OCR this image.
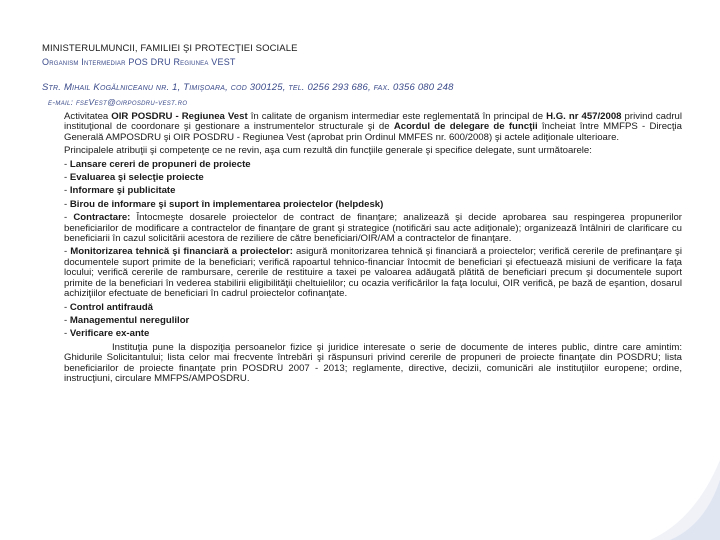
MINISTERULMUNCII, FAMILIEI ŞI PROTECŢIEI SOCIALE
Organism Intermediar POS DRU Regiunea VEST
Str. Mihail Kogălniceanu nr. 1, Timişoara, cod 300125, tel. 0256 293 686, fax. 0356 080 248
e-mail: fseVest@oirposdru-vest.ro
Activitatea OIR POSDRU - Regiunea Vest în calitate de organism intermediar este reglementată în principal de H.G. nr 457/2008 privind cadrul instituţional de coordonare şi gestionare a instrumentelor structurale şi de Acordul de delegare de funcţii încheiat între MMFPS - Direcţia Generală AMPOSDRU şi OIR POSDRU - Regiunea Vest (aprobat prin Ordinul MMFES nr. 600/2008) şi actele adiţionale ulterioare.
Principalele atribuţii şi competenţe ce ne revin, aşa cum rezultă din funcţiile generale şi specifice delegate, sunt următoarele:
- Lansare cereri de propuneri de proiecte
- Evaluarea şi selecţie proiecte
- Informare şi publicitate
- Birou de informare şi suport în implementarea proiectelor (helpdesk)
- Contractare: Întocmeşte dosarele proiectelor de contract de finanţare; analizează şi decide aprobarea sau respingerea propunerilor beneficiarilor de modificare a contractelor de finanţare de grant şi strategice (notificări sau acte adiţionale); organizează întâlniri de clarificare cu beneficiarii în cazul solicitării acestora de reziliere de către beneficiari/OIR/AM a contractelor de finanţare.
- Monitorizarea tehnică şi financiară a proiectelor: asigură monitorizarea tehnică şi financiară a proiectelor; verifică cererile de prefinanţare şi documentele suport primite de la beneficiari; verifică rapoartul tehnico-financiar întocmit de beneficiari şi efectuează misiuni de verificare la faţa locului; verifică cererile de rambursare, cererile de restituire a taxei pe valoarea adăugată plătită de beneficiari precum şi documentele suport primite de la beneficiari în vederea stabilirii eligibilităţii cheltuielilor; cu ocazia verificărilor la faţa locului, OIR verifică, pe bază de eşantion, dosarul achiziţiilor efectuate de beneficiari în cadrul proiectelor cofinanţate.
- Control antifraudă
- Managementul neregulilor
- Verificare ex-ante
Instituţia pune la dispoziţia persoanelor fizice şi juridice interesate o serie de documente de interes public, dintre care amintim: Ghidurile Solicitantului; lista celor mai frecvente întrebări şi răspunsuri privind cererile de propuneri de proiecte finanţate din POSDRU; lista beneficiarilor de proiecte finanţate prin POSDRU 2007 - 2013; reglamente, directive, decizii, comunicări ale instituţiilor europene; ordine, instrucţiuni, circulare MMFPS/AMPOSDRU.
